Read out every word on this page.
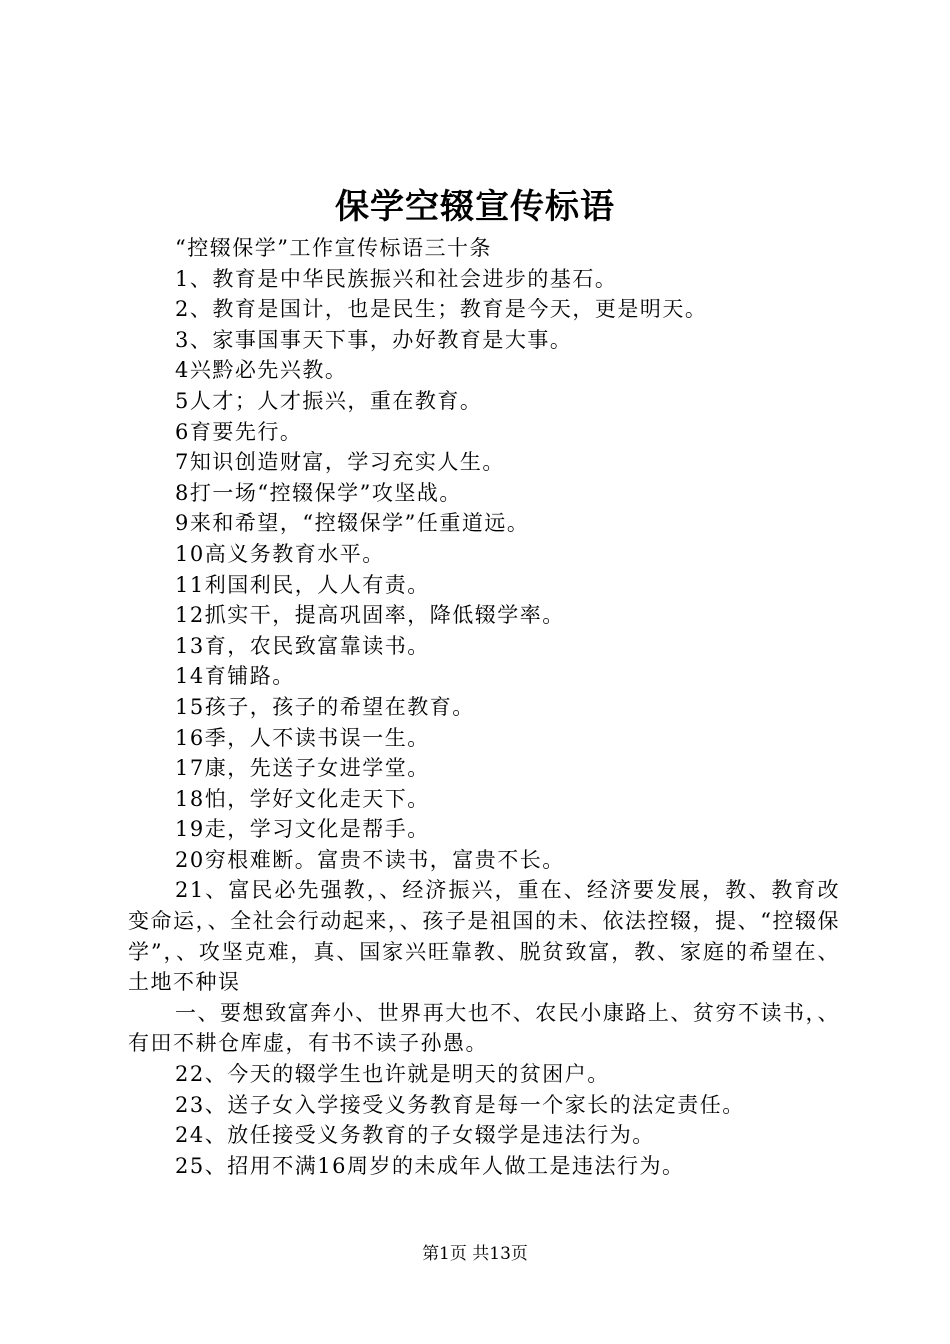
保学空辍宣传标语
“控辍保学”工作宣传标语三十条
1、教育是中华民族振兴和社会进步的基石。
2、教育是国计，也是民生；教育是今天，更是明天。
3、家事国事天下事，办好教育是大事。
4兴黔必先兴教。
5人才；人才振兴，重在教育。
6育要先行。
7知识创造财富，学习充实人生。
8打一场“控辍保学”攻坚战。
9来和希望，“控辍保学”任重道远。
10高义务教育水平。
11利国利民，人人有责。
12抓实干，提高巩固率，降低辍学率。
13育，农民致富靠读书。
14育铺路。
15孩子，孩子的希望在教育。
16季，人不读书误一生。
17康，先送子女进学堂。
18怕，学好文化走天下。
19走，学习文化是帮手。
20穷根难断。富贵不读书，富贵不长。
21、富民必先强教，、经济振兴，重在、经济要发展，教、教育改变命运，、全社会行动起来，、孩子是祖国的未、依法控辍，提、“控辍保学”，、攻坚克难，真、国家兴旺靠教、脱贫致富，教、家庭的希望在、土地不种误
一、要想致富奔小、世界再大也不、农民小康路上、贫穷不读书，、有田不耕仓库虚，有书不读子孙愚。
22、今天的辍学生也许就是明天的贫困户。
23、送子女入学接受义务教育是每一个家长的法定责任。
24、放任接受义务教育的子女辍学是违法行为。
25、招用不满16周岁的未成年人做工是违法行为。
第1页 共13页
